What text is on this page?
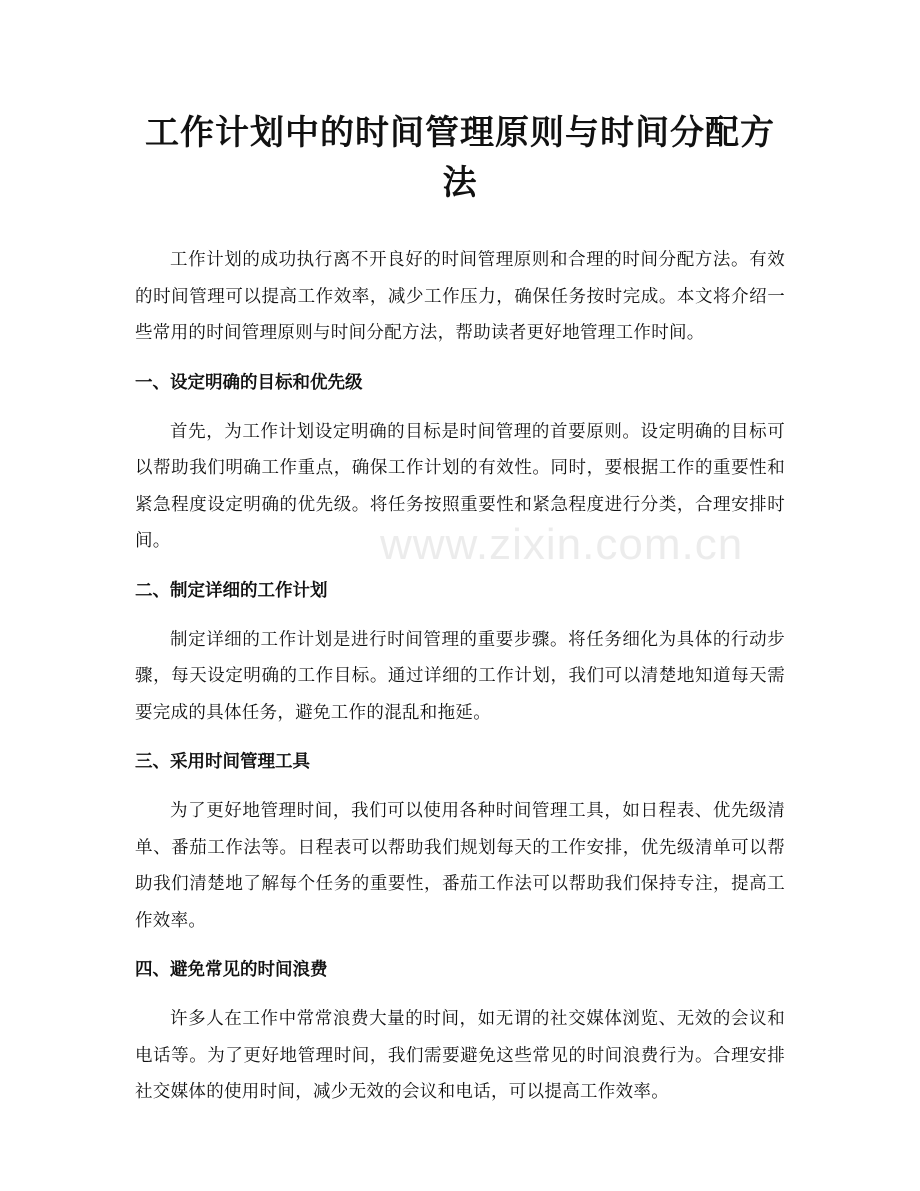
工作计划中的时间管理原则与时间分配方法

工作计划的成功执行离不开良好的时间管理原则和合理的时间分配方法。有效的时间管理可以提高工作效率，减少工作压力，确保任务按时完成。本文将介绍一些常用的时间管理原则与时间分配方法，帮助读者更好地管理工作时间。

一、设定明确的目标和优先级

首先，为工作计划设定明确的目标是时间管理的首要原则。设定明确的目标可以帮助我们明确工作重点，确保工作计划的有效性。同时，要根据工作的重要性和紧急程度设定明确的优先级。将任务按照重要性和紧急程度进行分类，合理安排时间。

二、制定详细的工作计划

制定详细的工作计划是进行时间管理的重要步骤。将任务细化为具体的行动步骤，每天设定明确的工作目标。通过详细的工作计划，我们可以清楚地知道每天需要完成的具体任务，避免工作的混乱和拖延。

三、采用时间管理工具

为了更好地管理时间，我们可以使用各种时间管理工具，如日程表、优先级清单、番茄工作法等。日程表可以帮助我们规划每天的工作安排，优先级清单可以帮助我们清楚地了解每个任务的重要性，番茄工作法可以帮助我们保持专注，提高工作效率。

四、避免常见的时间浪费

许多人在工作中常常浪费大量的时间，如无谓的社交媒体浏览、无效的会议和电话等。为了更好地管理时间，我们需要避免这些常见的时间浪费行为。合理安排社交媒体的使用时间，减少无效的会议和电话，可以提高工作效率。

www.zixin.com.cn
